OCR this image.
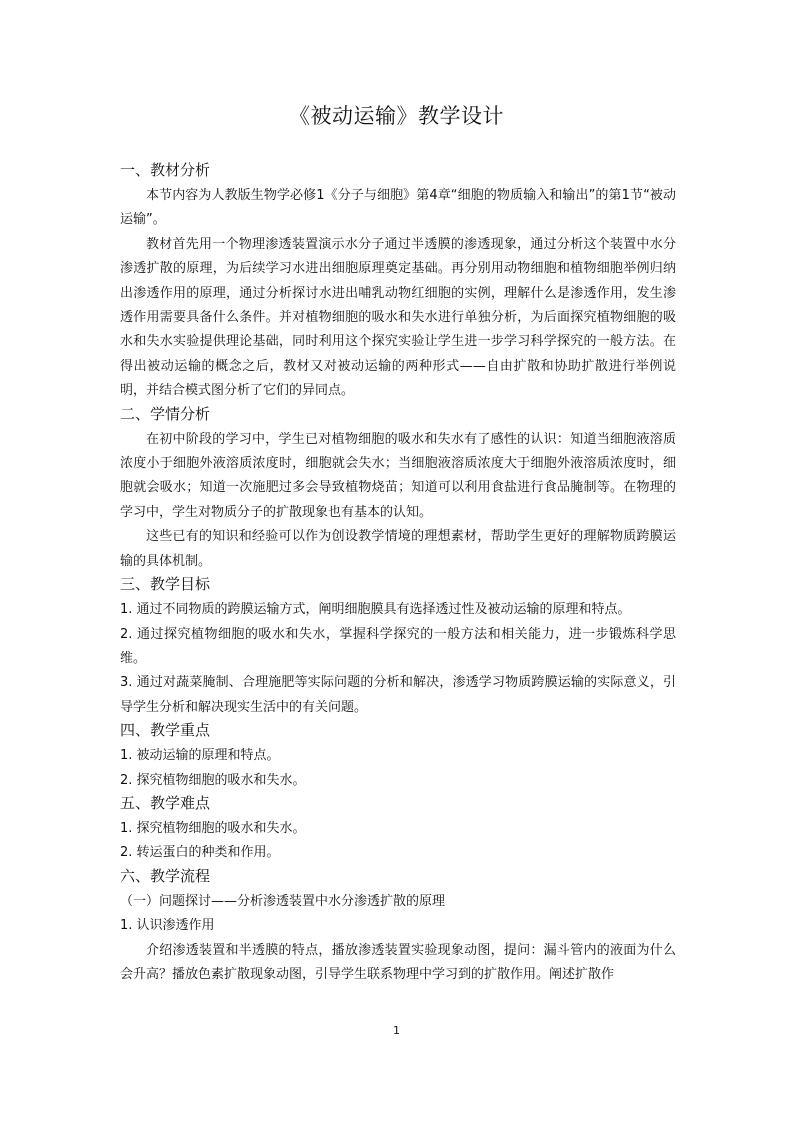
《被动运输》教学设计
一、教材分析

本节内容为人教版生物学必修1《分子与细胞》第4章“细胞的物质输入和输出”的第1节“被动运输”。

教材首先用一个物理渗透装置演示水分子通过半透膜的渗透现象，通过分析这个装置中水分渗透扩散的原理，为后续学习水进出细胞原理奠定基础。再分别用动物细胞和植物细胞举例归纳出渗透作用的原理，通过分析探讨水进出哺乳动物红细胞的实例，理解什么是渗透作用，发生渗透作用需要具备什么条件。并对植物细胞的吸水和失水进行单独分析，为后面探究植物细胞的吸水和失水实验提供理论基础，同时利用这个探究实验让学生进一步学习科学探究的一般方法。在得出被动运输的概念之后，教材又对被动运输的两种形式——自由扩散和协助扩散进行举例说明，并结合模式图分析了它们的异同点。

二、学情分析

在初中阶段的学习中，学生已对植物细胞的吸水和失水有了感性的认识：知道当细胞液溶质浓度小于细胞外液溶质浓度时，细胞就会失水；当细胞液溶质浓度大于细胞外液溶质浓度时，细胞就会吸水；知道一次施肥过多会导致植物烧苗；知道可以利用食盐进行食品腌制等。在物理的学习中，学生对物质分子的扩散现象也有基本的认知。

这些已有的知识和经验可以作为创设教学情境的理想素材，帮助学生更好的理解物质跨膜运输的具体机制。

三、教学目标

1. 通过不同物质的跨膜运输方式，阐明细胞膜具有选择透过性及被动运输的原理和特点。

2. 通过探究植物细胞的吸水和失水，掌握科学探究的一般方法和相关能力，进一步锻炼科学思维。

3. 通过对蔬菜腌制、合理施肥等实际问题的分析和解决，渗透学习物质跨膜运输的实际意义，引导学生分析和解决现实生活中的有关问题。

四、教学重点

1. 被动运输的原理和特点。

2. 探究植物细胞的吸水和失水。

五、教学难点

1. 探究植物细胞的吸水和失水。

2. 转运蛋白的种类和作用。

六、教学流程

（一）问题探讨——分析渗透装置中水分渗透扩散的原理

1. 认识渗透作用

介绍渗透装置和半透膜的特点，播放渗透装置实验现象动图，提问：漏斗管内的液面为什么会升高？播放色素扩散现象动图，引导学生联系物理中学习到的扩散作用。阐述扩散作

1
